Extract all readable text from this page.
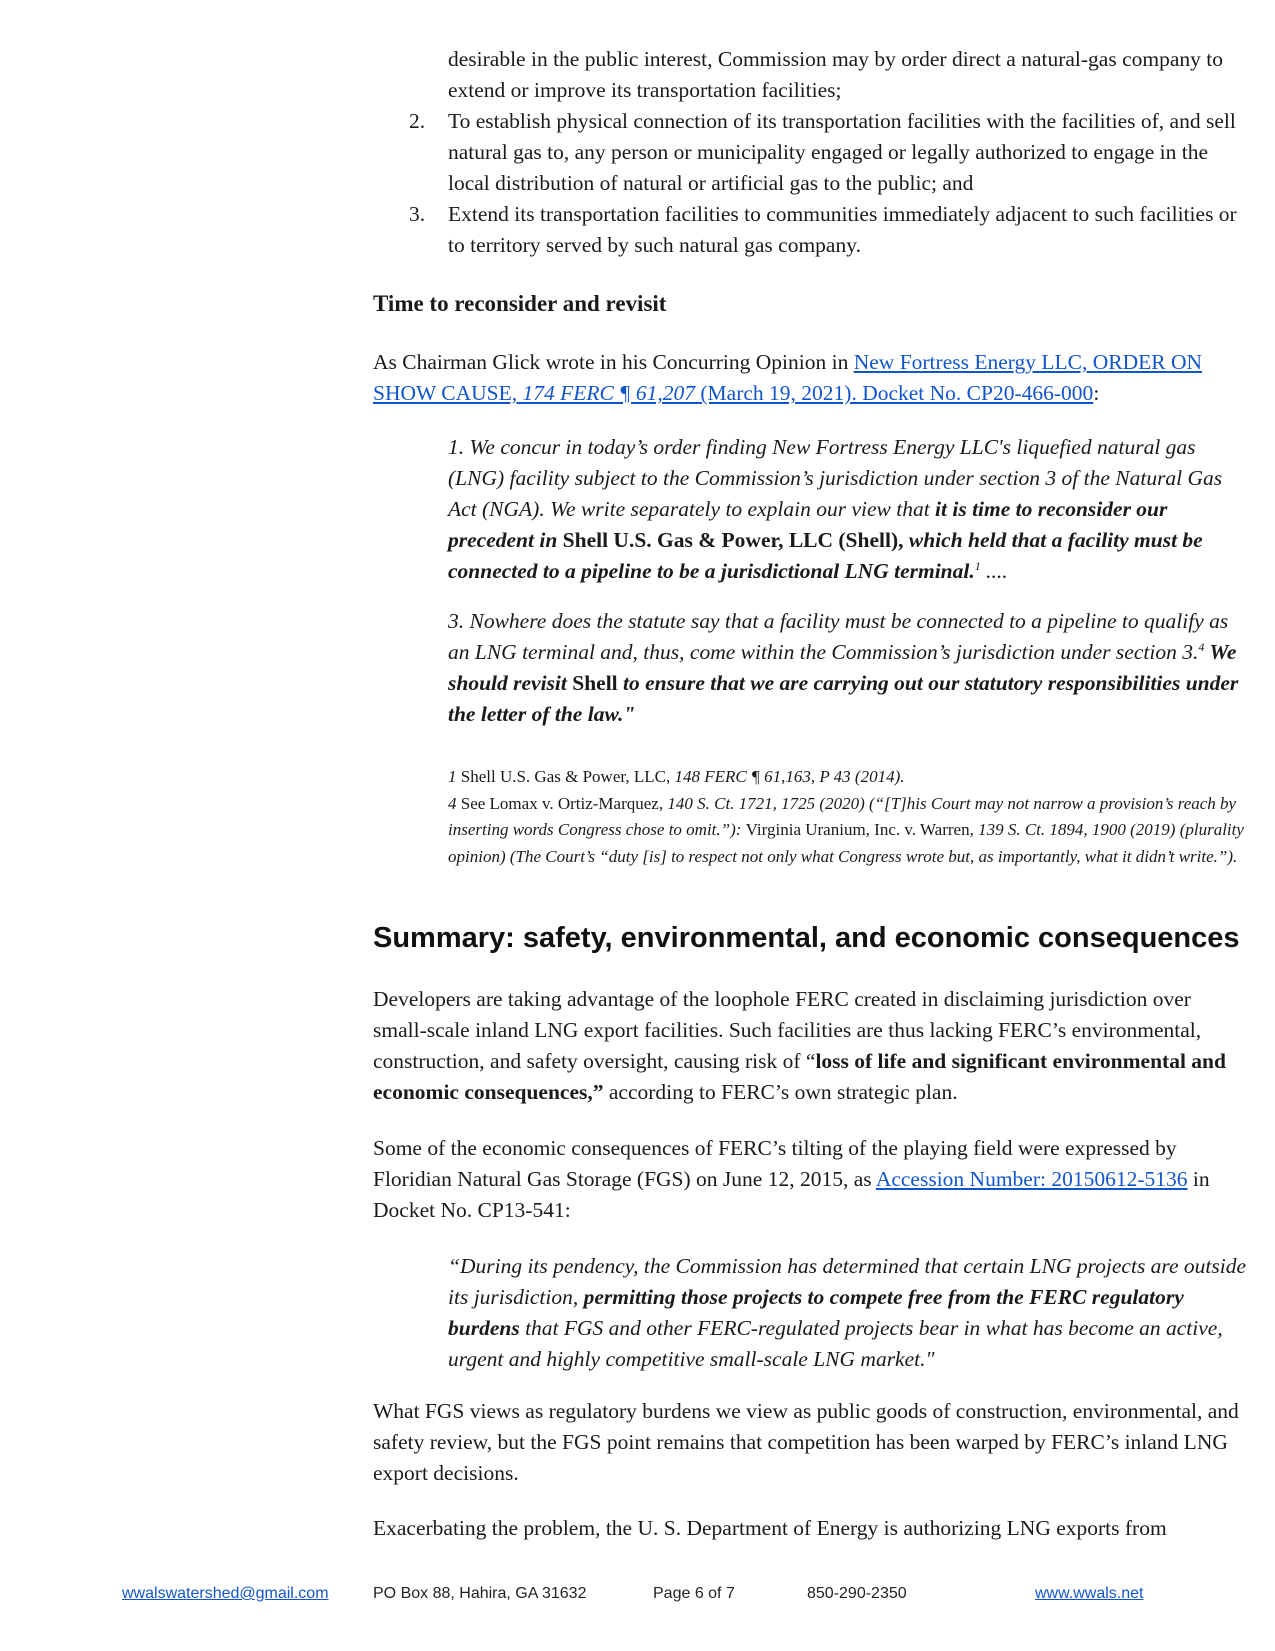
desirable in the public interest, Commission may by order direct a natural-gas company to extend or improve its transportation facilities;
2. To establish physical connection of its transportation facilities with the facilities of, and sell natural gas to, any person or municipality engaged or legally authorized to engage in the local distribution of natural or artificial gas to the public; and
3. Extend its transportation facilities to communities immediately adjacent to such facilities or to territory served by such natural gas company.
Time to reconsider and revisit

As Chairman Glick wrote in his Concurring Opinion in New Fortress Energy LLC, ORDER ON SHOW CAUSE, 174 FERC ¶ 61,207 (March 19, 2021). Docket No. CP20-466-000:

1. We concur in today’s order finding New Fortress Energy LLC's liquefied natural gas (LNG) facility subject to the Commission’s jurisdiction under section 3 of the Natural Gas Act (NGA). We write separately to explain our view that it is time to reconsider our precedent in Shell U.S. Gas & Power, LLC (Shell), which held that a facility must be connected to a pipeline to be a jurisdictional LNG terminal.$^1$ ....

3. Nowhere does the statute say that a facility must be connected to a pipeline to qualify as an LNG terminal and, thus, come within the Commission’s jurisdiction under section 3.$^4$ We should revisit Shell to ensure that we are carrying out our statutory responsibilities under the letter of the law."

1 Shell U.S. Gas & Power, LLC, 148 FERC ¶ 61,163, P 43 (2014).

4 See Lomax v. Ortiz‑Marquez, 140 S. Ct. 1721, 1725 (2020) (“[T]his Court may not narrow a provision’s reach by inserting words Congress chose to omit.”): Virginia Uranium, Inc. v. Warren, 139 S. Ct. 1894, 1900 (2019) (plurality opinion) (The Court’s “duty [is] to respect not only what Congress wrote but, as importantly, what it didn’t write.”).

Summary: safety, environmental, and economic consequences

Developers are taking advantage of the loophole FERC created in disclaiming jurisdiction over small-scale inland LNG export facilities. Such facilities are thus lacking FERC’s environmental, construction, and safety oversight, causing risk of “loss of life and significant environmental and economic consequences,” according to FERC’s own strategic plan.

Some of the economic consequences of FERC’s tilting of the playing field were expressed by Floridian Natural Gas Storage (FGS) on June 12, 2015, as Accession Number: 20150612-5136 in Docket No. CP13-541:

“During its pendency, the Commission has determined that certain LNG projects are outside its jurisdiction, permitting those projects to compete free from the FERC regulatory burdens that FGS and other FERC-regulated projects bear in what has become an active, urgent and highly competitive small-scale LNG market."

What FGS views as regulatory burdens we view as public goods of construction, environmental, and safety review, but the FGS point remains that competition has been warped by FERC’s inland LNG export decisions.

Exacerbating the problem, the U. S. Department of Energy is authorizing LNG exports from

wwalswatershed@gmail.com	PO Box 88, Hahira, GA 31632	Page 6 of 7	850-290-2350	www.wwals.net
